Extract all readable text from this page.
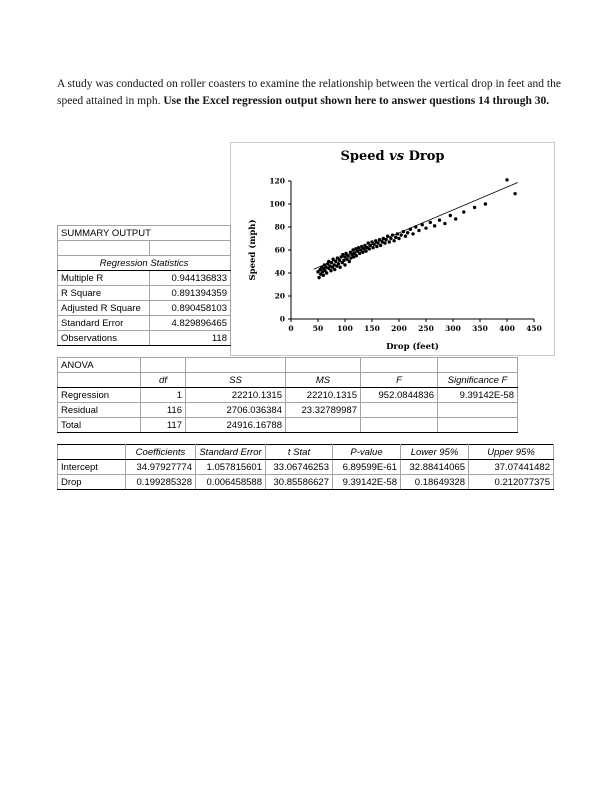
A study was conducted on roller coasters to examine the relationship between the vertical drop in feet and the speed attained in mph. Use the Excel regression output shown here to answer questions 14 through 30.
Speed vs Drop
0	50 100 150 200 250 300 350 400 450
0
20
40
60
80
100
120
Drop (feet)
Speed (mph)
SUMMARY OUTPUT	

Regression Statistics	
Multiple R	0.944136833
R Square	0.891394359
Adjusted R Square	0.890458103
Standard Error	4.829896465
Observations	118
ANOVA					
	df	SS	MS	F	Significance F
Regression	1	22210.1315	22210.1315	952.0844836	9.39142E-58
Residual	116	2706.036384	23.32789987		
Total	117	24916.16788			
	Coefficients	Standard Error	t Stat	P-value	Lower 95%	Upper 95%
Intercept	34.97927774	1.057815601	33.06746253	6.89599E-61	32.88414065	37.07441482
Drop	0.199285328	0.006458588	30.85586627	9.39142E-58	0.18649328	0.212077375
